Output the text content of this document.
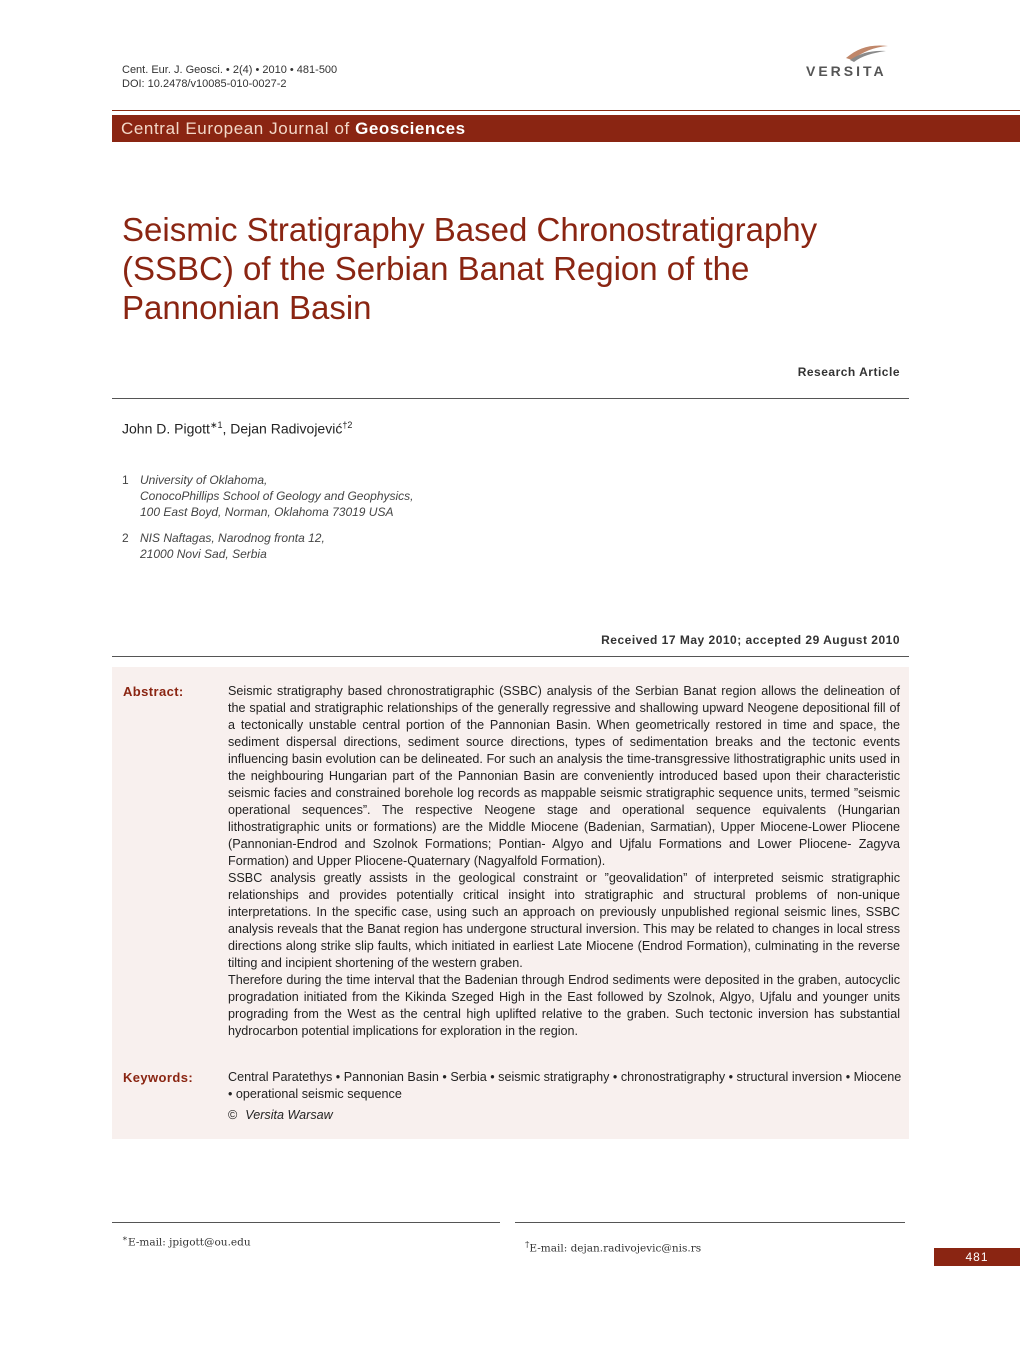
Cent. Eur. J. Geosci. • 2(4) • 2010 • 481-500
DOI: 10.2478/v10085-010-0027-2
VERSITA
Central European Journal of Geosciences
Seismic Stratigraphy Based Chronostratigraphy (SSBC) of the Serbian Banat Region of the Pannonian Basin
Research Article
John D. Pigott$^{∗1}$, Dejan Radivojević$^{\dagger 2}$
1 University of Oklahoma,
ConocoPhillips School of Geology and Geophysics,
100 East Boyd, Norman, Oklahoma 73019 USA
2 NIS Naftagas, Narodnog fronta 12,
21000 Novi Sad, Serbia
Received 17 May 2010; accepted 29 August 2010
Abstract:	Seismic stratigraphy based chronostratigraphic (SSBC) analysis of the Serbian Banat region allows the delineation of the spatial and stratigraphic relationships of the generally regressive and shallowing upward Neogene depositional fill of a tectonically unstable central portion of the Pannonian Basin. When geometrically restored in time and space, the sediment dispersal directions, sediment source directions, types of sedimentation breaks and the tectonic events influencing basin evolution can be delineated. For such an analysis the time-transgressive lithostratigraphic units used in the neighbouring Hungarian part of the Pannonian Basin are conveniently introduced based upon their characteristic seismic facies and constrained borehole log records as mappable seismic stratigraphic sequence units, termed ”seismic operational sequences”. The respective Neogene stage and operational sequence equivalents (Hungarian lithostratigraphic units or formations) are the Middle Miocene (Badenian, Sarmatian), Upper Miocene-Lower Pliocene (Pannonian-Endrod and Szolnok Formations; Pontian- Algyo and Ujfalu Formations and Lower Pliocene- Zagyva Formation) and Upper Pliocene-Quaternary (Nagyalfold Formation).

SSBC analysis greatly assists in the geological constraint or ”geovalidation” of interpreted seismic stratigraphic relationships and provides potentially critical insight into stratigraphic and structural problems of non-unique interpretations. In the specific case, using such an approach on previously unpublished regional seismic lines, SSBC analysis reveals that the Banat region has undergone structural inversion. This may be related to changes in local stress directions along strike slip faults, which initiated in earliest Late Miocene (Endrod Formation), culminating in the reverse tilting and incipient shortening of the western graben.

Therefore during the time interval that the Badenian through Endrod sediments were deposited in the graben, autocyclic progradation initiated from the Kikinda Szeged High in the East followed by Szolnok, Algyo, Ujfalu and younger units prograding from the West as the central high uplifted relative to the graben. Such tectonic inversion has substantial hydrocarbon potential implications for exploration in the region.

Keywords:	Central Paratethys • Pannonian Basin • Serbia • seismic stratigraphy • chronostratigraphy • structural inversion • Miocene • operational seismic sequence
© Versita Warsaw
∗E-mail: jpigott@ou.edu	†E-mail: dejan.radivojevic@nis.rs
481
